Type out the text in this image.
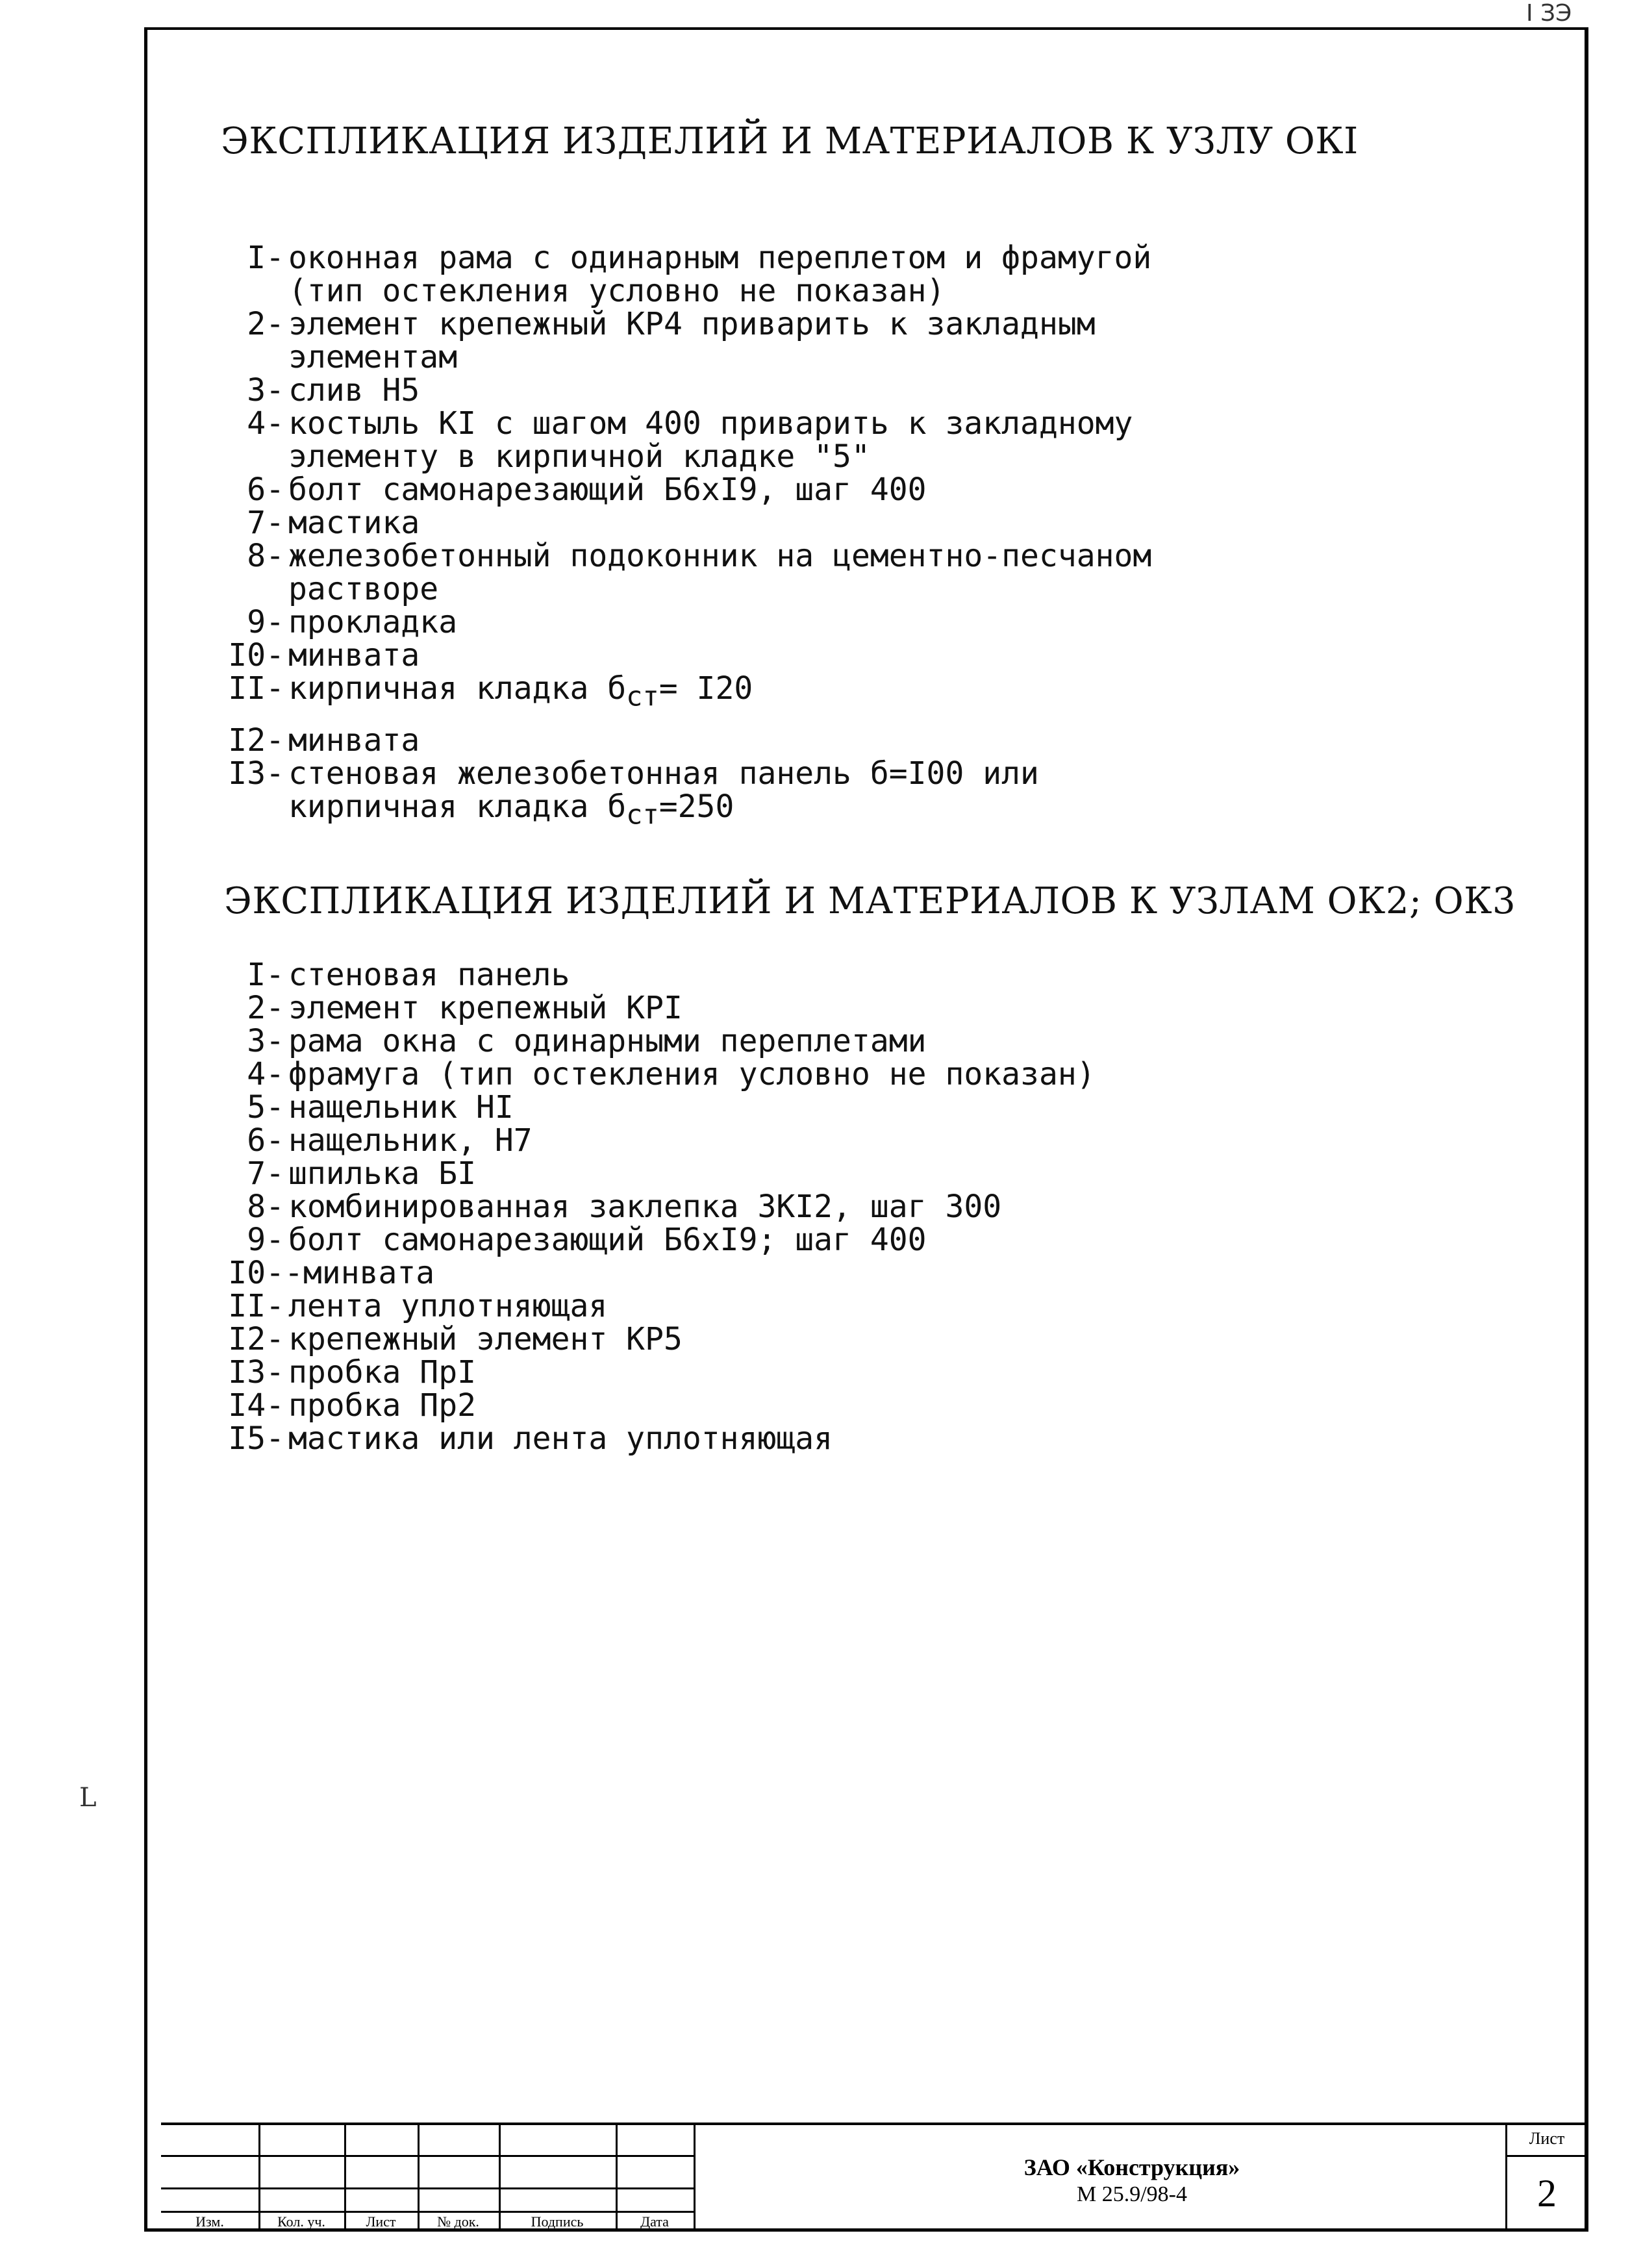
I ЗЭ
L
ЭКСПЛИКАЦИЯ ИЗДЕЛИЙ И МАТЕРИАЛОВ К УЗЛУ ОКI
I- оконная рама с одинарным переплетом и фрамугой
(тип остекления условно не показан)
2- элемент крепежный КР4 приварить к закладным
элементам
3- слив Н5
4- костыль КI с шагом 400 приварить к закладному
элементу в кирпичной кладке "5"
6- болт самонарезающий Б6хI9, шаг 400
7- мастика
8- железобетонный подоконник на цементно-песчаном
растворе
9- прокладка
I0- минвата
II- кирпичная кладка $б_{ст}= I20$
I2- минвата
I3- стеновая железобетонная панель б=I00 или
кирпичная кладка $б_{ст}=250$
ЭКСПЛИКАЦИЯ ИЗДЕЛИЙ И МАТЕРИАЛОВ К УЗЛАМ ОК2; ОК3
I- стеновая панель
2- элемент крепежный КРI
3- рама окна с одинарными переплетами
4- фрамуга (тип остекления условно не показан)
5- нащельник НI
6- нащельник, Н7
7- шпилька БI
8- комбинированная заклепка ЗКI2, шаг 300
9- болт самонарезающий Б6хI9; шаг 400
I0- -минвата
II- лента уплотняющая
I2- крепежный элемент КР5
I3- пробка ПрI
I4- пробка Пр2
I5- мастика или лента уплотняющая
Изм.	Кол. уч.	Лист	№ док.	Подпись	Дата
ЗАО «Конструкция»
М 25.9/98-4
Лист
2
